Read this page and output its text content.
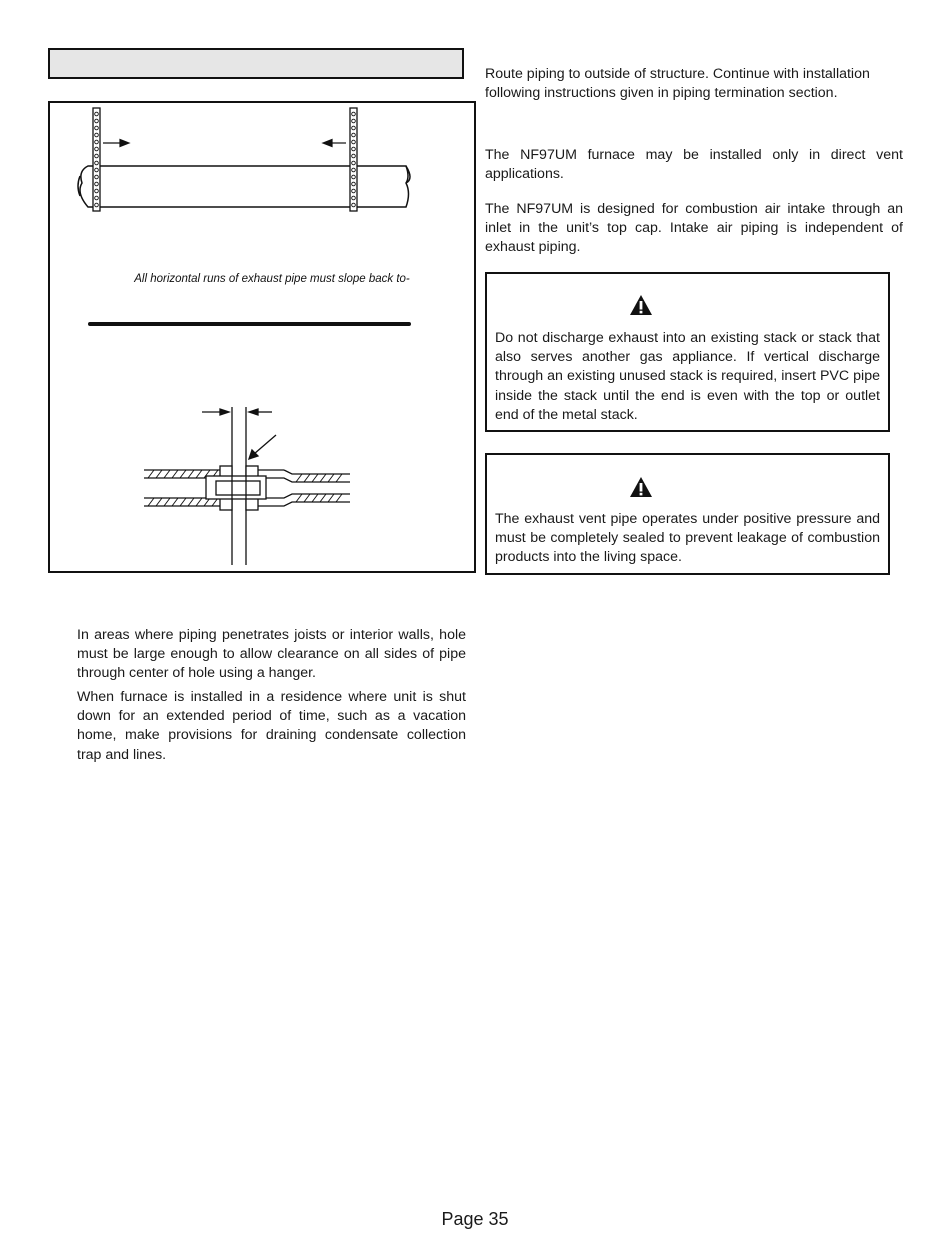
All horizontal runs of exhaust pipe must slope back to-

In areas where piping penetrates joists or interior walls, hole must be large enough to allow clearance on all sides of pipe through center of hole using a hanger.

When furnace is installed in a residence where unit is shut down for an extended period of time, such as a vacation home, make provisions for draining condensate collection trap and lines.

Route piping to outside of structure. Continue with installation following instructions given in piping termination section.

The NF97UM furnace may be installed only in direct vent applications.

The NF97UM is designed for combustion air intake through an inlet in the unit’s top cap. Intake air piping is independent of exhaust piping.

Do not discharge exhaust into an existing stack or stack that also serves another gas appliance. If vertical discharge through an existing unused stack is required, insert PVC pipe inside the stack until the end is even with the top or outlet end of the metal stack.
The exhaust vent pipe operates under positive pressure and must be completely sealed to prevent leakage of combustion products into the living space.
Page 35
